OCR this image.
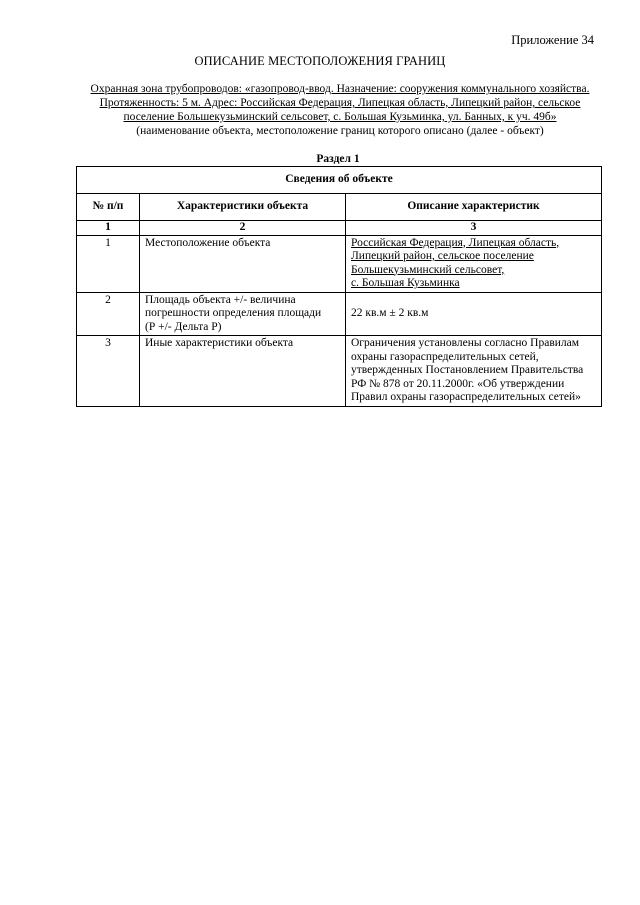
Приложение 34
ОПИСАНИЕ МЕСТОПОЛОЖЕНИЯ ГРАНИЦ
Охранная зона трубопроводов: «газопровод-ввод. Назначение: сооружения коммунального хозяйства.
Протяженность: 5 м. Адрес: Российская Федерация, Липецкая область, Липецкий район, сельское
поселение Большекузьминский сельсовет, с. Большая Кузьминка, ул. Банных, к уч. 49б»
(наименование объекта, местоположение границ которого описано (далее - объект)
Раздел 1
Сведения об объекте		
№ п/п	Характеристики объекта	Описание характеристик
1	2	3
1	Местоположение объекта	Российская Федерация, Липецкая область,
Липецкий район, сельское поселение
Большекузьминский сельсовет,
с. Большая Кузьминка
2	Площадь объекта +/- величина
погрешности определения площади
(Р +/- Дельта Р)	22 кв.м ± 2 кв.м
3	Иные характеристики объекта	Ограничения установлены согласно Правилам
охраны газораспределительных сетей,
утвержденных Постановлением Правительства
РФ № 878 от 20.11.2000г. «Об утверждении
Правил охраны газораспределительных сетей»
